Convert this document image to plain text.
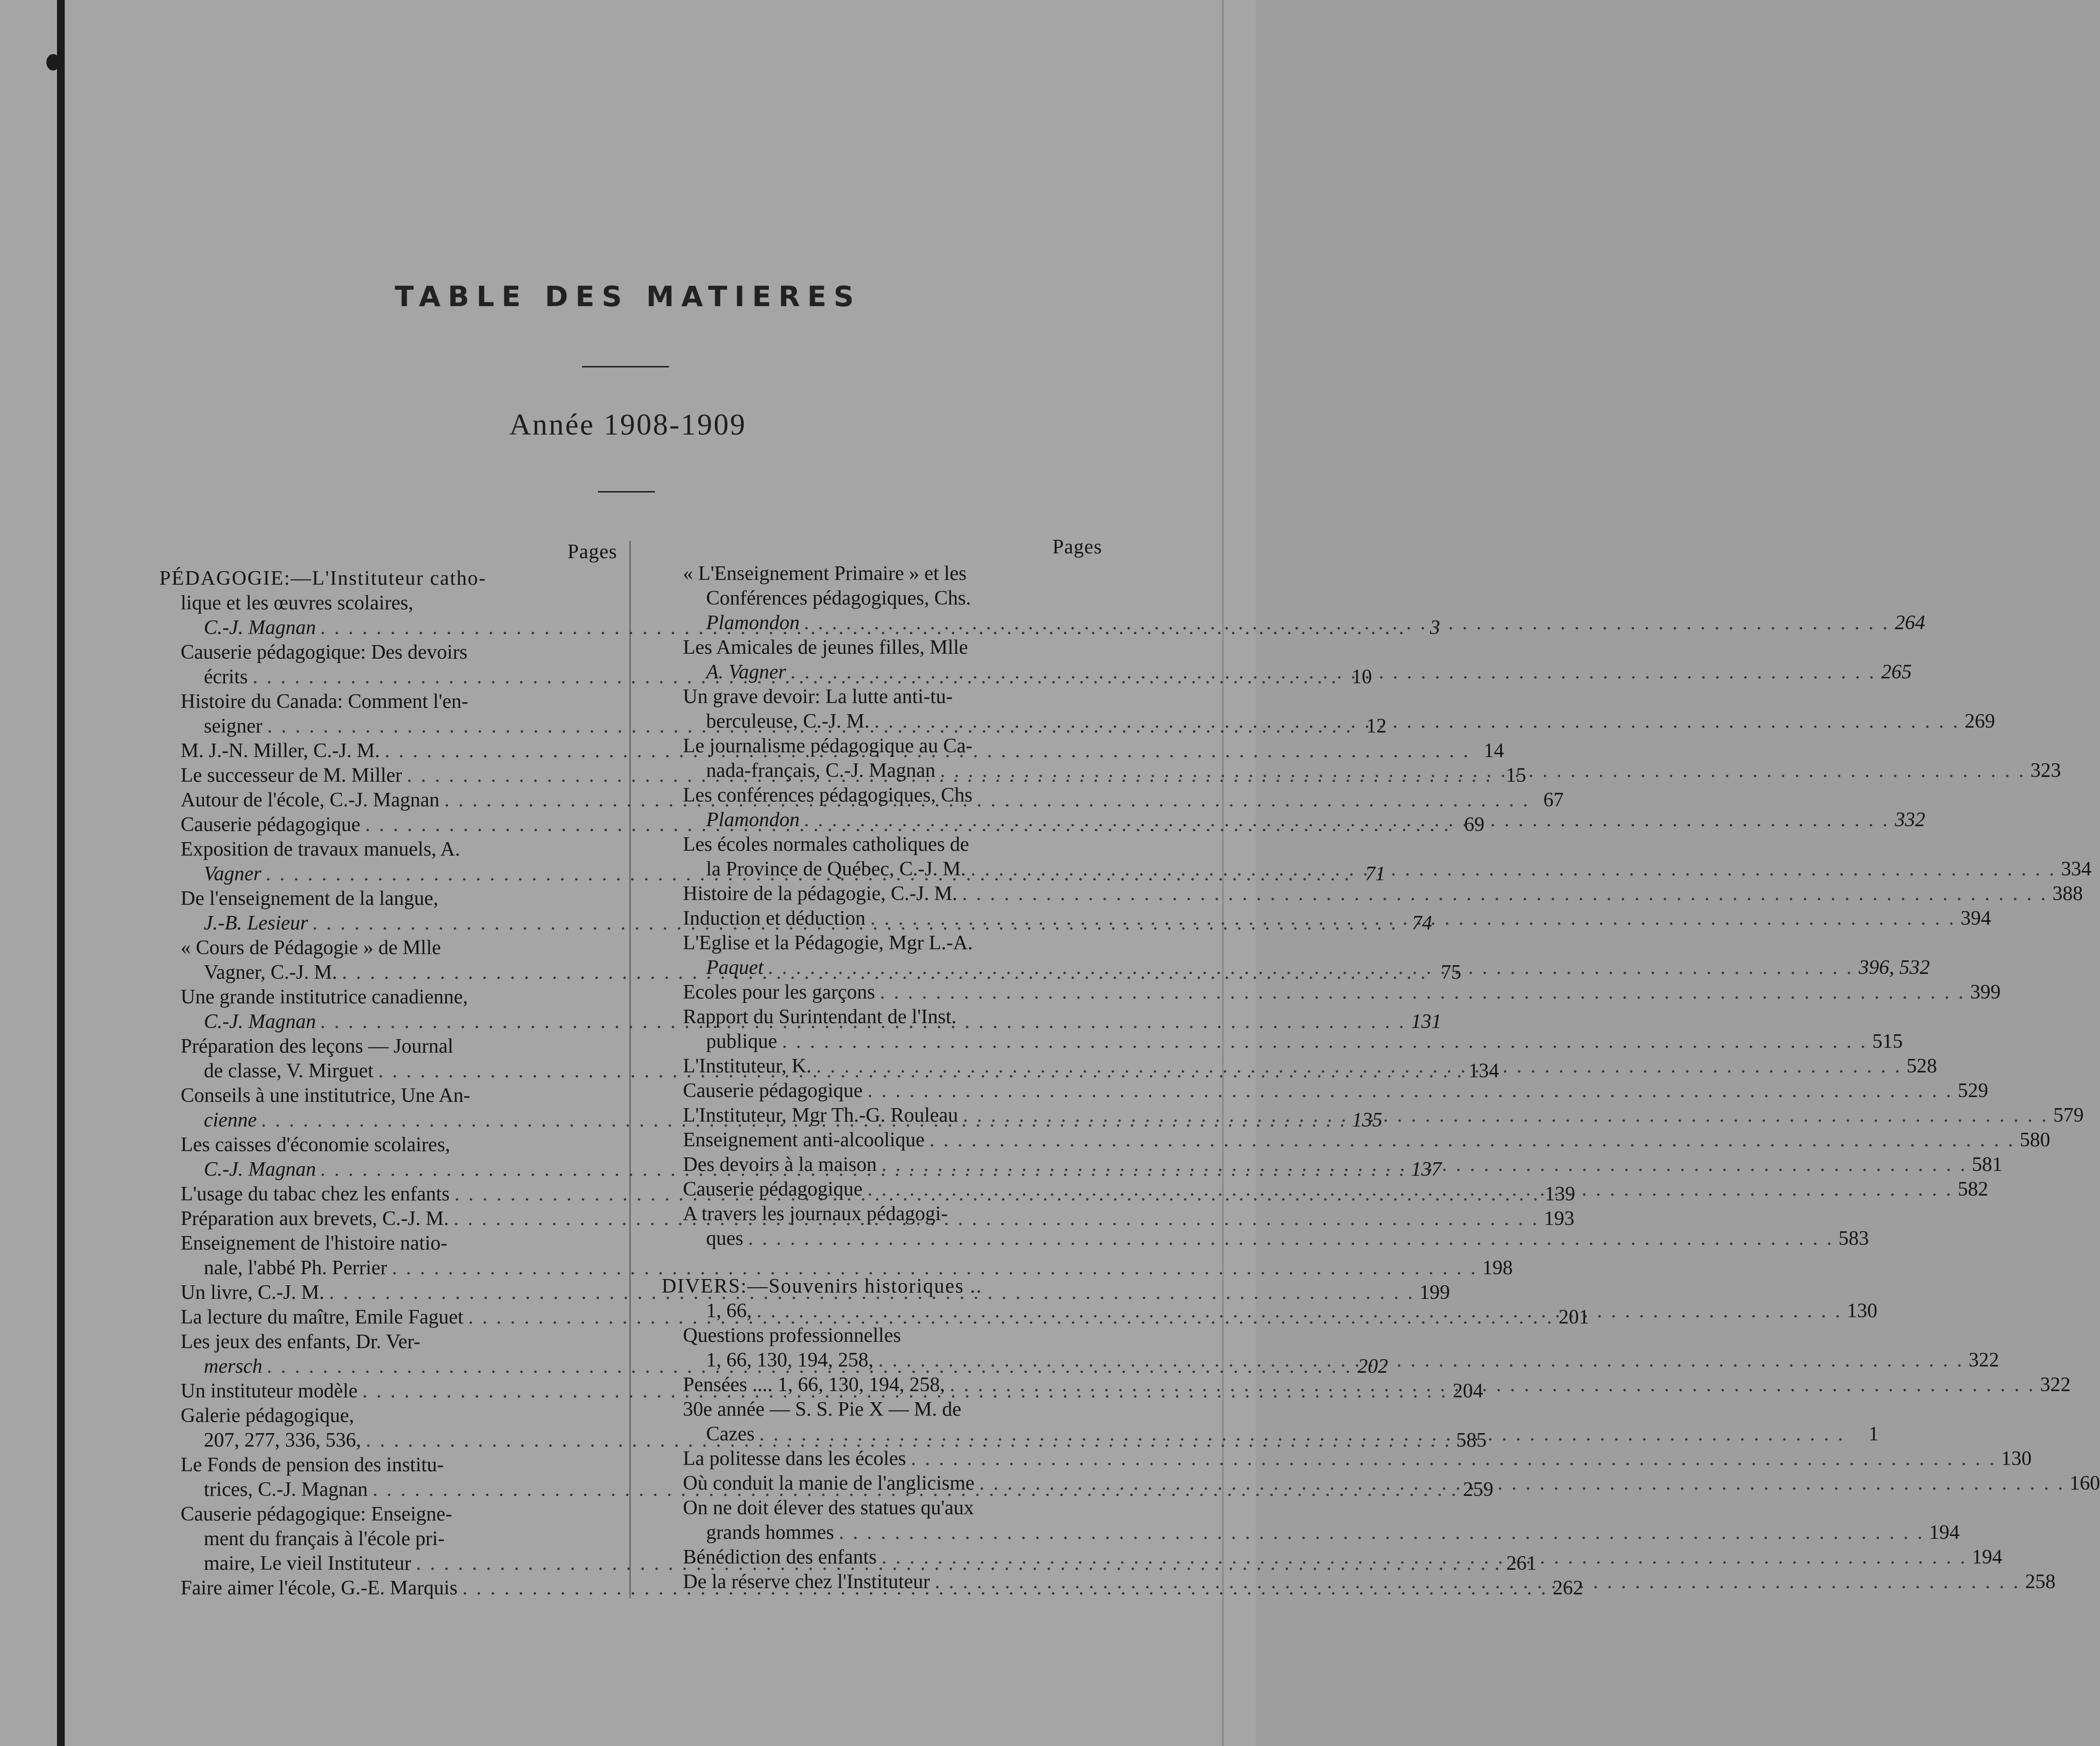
TABLE DES MATIERES
Année 1908-1909
Pages
PÉDAGOGIE:—L'Instituteur catho-
lique et les œuvres scolaires,
C.-J. Magnan . . .	3
Causerie pédagogique: Des devoirs
écrits . . .	10
Histoire du Canada: Comment l'en-
seigner . . .	12
M. J.-N. Miller, C.-J. M. . . .	14
Le successeur de M. Miller . . .	15
Autour de l'école, C.-J. Magnan . . .	67
Causerie pédagogique . . .	69
Exposition de travaux manuels, A.
Vagner . . .	71
De l'enseignement de la langue,
J.-B. Lesieur . . .	74
« Cours de Pédagogie » de Mlle
Vagner, C.-J. M. . . .	75
Une grande institutrice canadienne,
C.-J. Magnan . . .	131
Préparation des leçons — Journal
de classe, V. Mirguet . . .	134
Conseils à une institutrice, Une An-
cienne . . .	135
Les caisses d'économie scolaires,
C.-J. Magnan . . .	137
L'usage du tabac chez les enfants . . .	139
Préparation aux brevets, C.-J. M. . . .	193
Enseignement de l'histoire natio-
nale, l'abbé Ph. Perrier . . .	198
Un livre, C.-J. M. . . .	199
La lecture du maître, Emile Faguet . . .	201
Les jeux des enfants, Dr. Ver-
mersch . . .	202
Un instituteur modèle . . .	204
Galerie pédagogique,
207, 277, 336, 536, . . .	585
Le Fonds de pension des institu-
trices, C.-J. Magnan . . .	259
Causerie pédagogique: Enseigne-
ment du français à l'école pri-
maire, Le vieil Instituteur . . .	261
Faire aimer l'école, G.-E. Marquis . . .	262
Pages
« L'Enseignement Primaire » et les
Conférences pédagogiques, Chs.
Plamondon . . .	264
Les Amicales de jeunes filles, Mlle
A. Vagner . . .	265
Un grave devoir: La lutte anti-tu-
berculeuse, C.-J. M. . . .	269
Le journalisme pédagogique au Ca-
nada-français, C.-J. Magnan . . .	323
Les conférences pédagogiques, Chs
Plamondon . . .	332
Les écoles normales catholiques de
la Province de Québec, C.-J. M. . . .	334
Histoire de la pédagogie, C.-J. M. . . .	388
Induction et déduction . . .	394
L'Eglise et la Pédagogie, Mgr L.-A.
Paquet . . .	396, 532
Ecoles pour les garçons . . .	399
Rapport du Surintendant de l'Inst.
publique . . .	515
L'Instituteur, K. . . .	528
Causerie pédagogique . . .	529
L'Instituteur, Mgr Th.-G. Rouleau . . .	579
Enseignement anti-alcoolique . . .	580
Des devoirs à la maison . . .	581
Causerie pédagogique . . .	582
A travers les journaux pédagogi-
ques . . .	583
DIVERS:—Souvenirs historiques ..
1, 66, . . .	130
Questions professionnelles
1, 66, 130, 194, 258, . . .	322
Pensées .... 1, 66, 130, 194, 258, . . .	322
30e année — S. S. Pie X — M. de
Cazes . . .	1
La politesse dans les écoles . . .	130
Où conduit la manie de l'anglicisme . . .	160
On ne doit élever des statues qu'aux
grands hommes . . .	194
Bénédiction des enfants . . .	194
De la réserve chez l'Instituteur . . .	258
